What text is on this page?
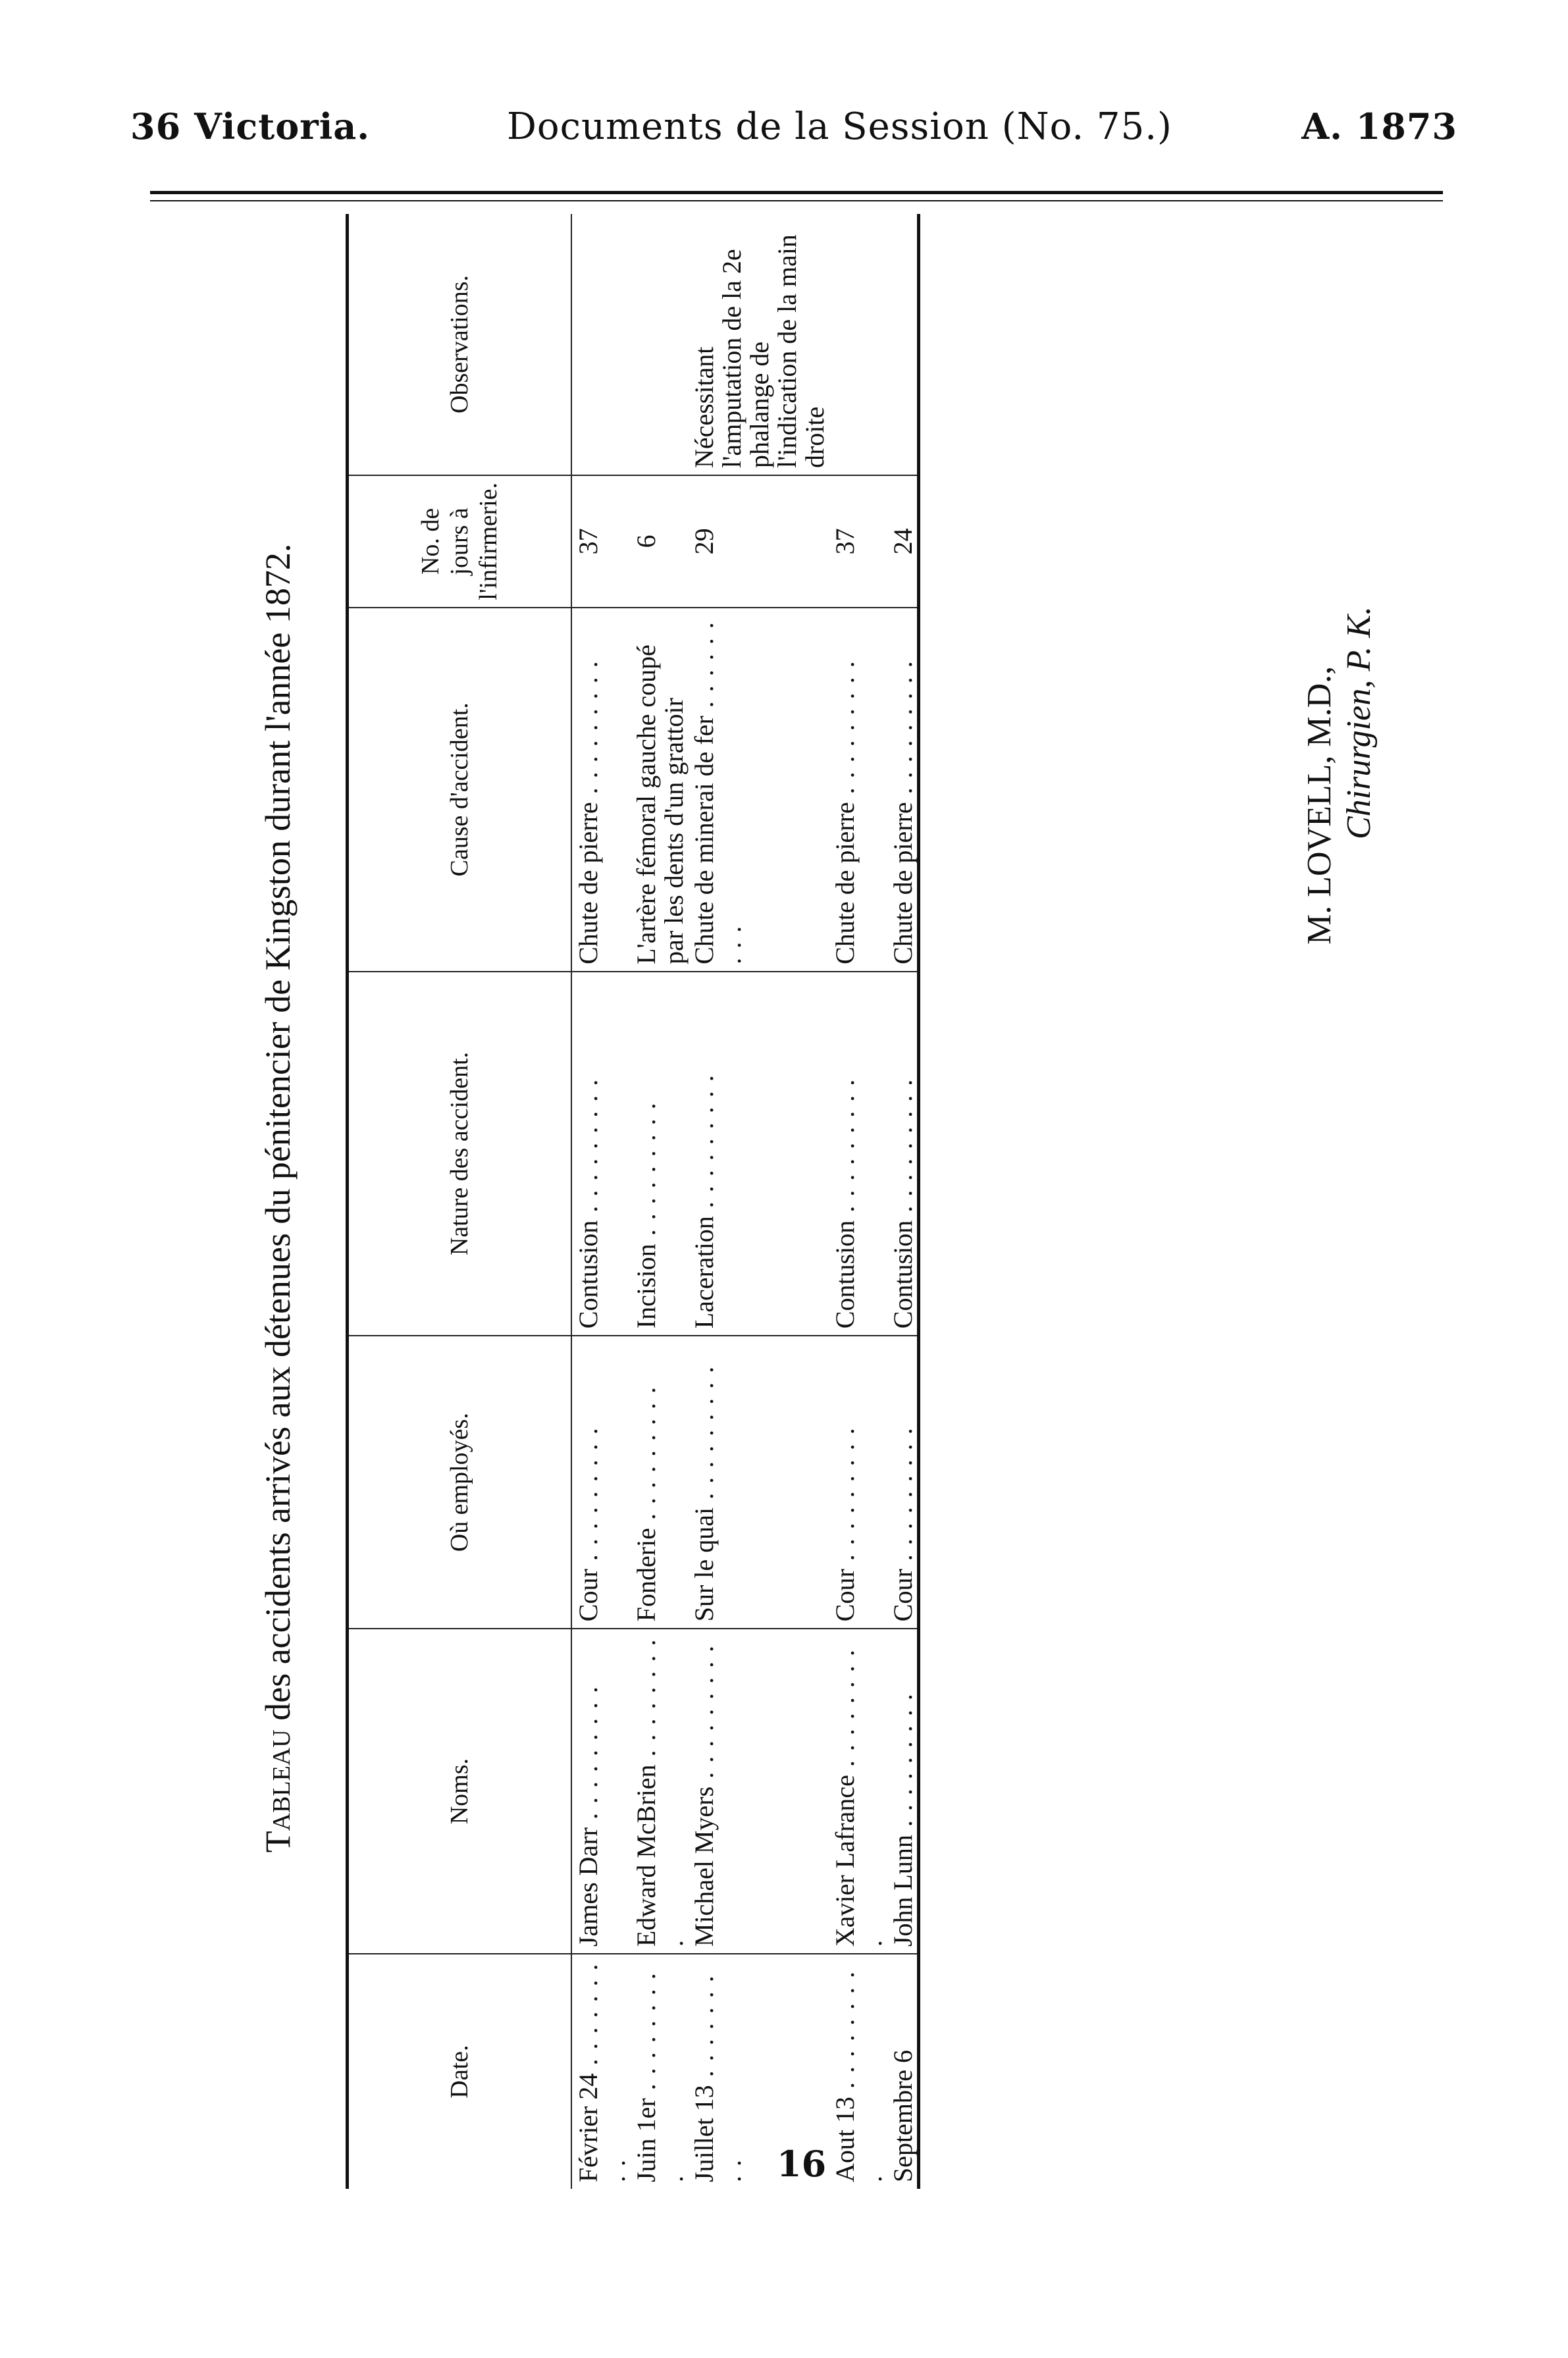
36 Victoria.	Documents de la Session (No. 75.)	A. 1873
Tableau des accidents arrivés aux détenues du pénitencier de Kingston durant l'année 1872.
Date.	Noms.	Où employés.	Nature des accident.	Cause d'accident.	No. de jours à l'infirmerie.	Observations.
Février 24 . . .	James Darr . . .	Cour . . .	Contusion . . .	Chute de pierre . . .	37	
Juin 1er . . .	Edward McBrien . . .	Fonderie . . .	Incision . . .	L'artère fémoral gauche coupé par les dents d'un grattoir	6	
Juillet 13 . . .	Michael Myers . . .	Sur le quai . . .	Laceration . . .	Chute de minerai de fer . . .	29	Nécessitant l'amputation de la 2e phalange de l'indication de la main droite
Aout 13 . . .	Xavier Lafrance . . .	Cour . . .	Contusion . . .	Chute de pierre . . .	37	
Septembre 6	John Lunn . . .	Cour . . .	Contusion . . .	Chute de pierre . . .	24	
M. LOVELL, M.D., Chirurgien, P. K.
16
